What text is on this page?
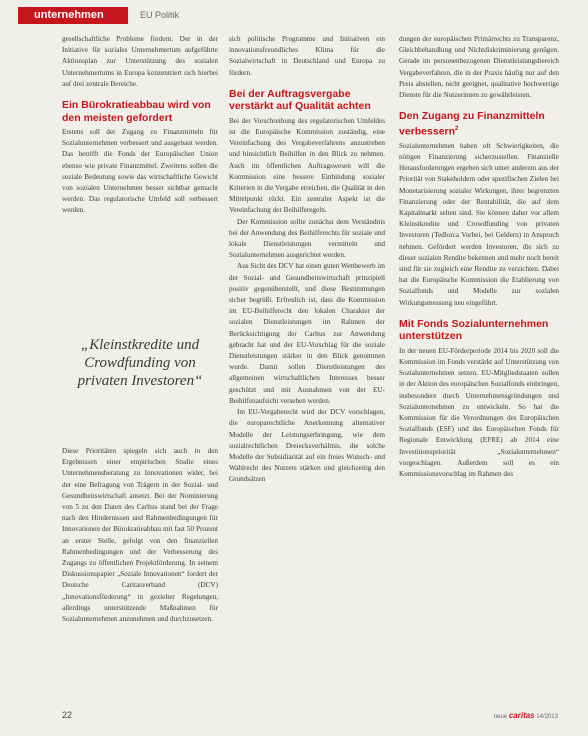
unternehmen	EU Politik

gesellschaftliche Probleme fördern. Der in der Initiative für soziales Unternehmertum aufgeführte Aktionsplan zur Unterstützung des sozialen Unternehmertums in Europa konzentriert sich hierbei auf drei zentrale Bereiche.

Ein Bürokratieabbau wird von den meisten gefordert

Erstens soll der Zugang zu Finanzmitteln für Sozialunternehmen verbessert und ausgebaut werden. Das betrifft die Fonds der Europäischen Union ebenso wie private Finanzmittel. Zweitens sollen die soziale Bedeutung sowie das wirtschaftliche Gewicht von sozialen Unternehmen besser sichtbar gemacht werden. Das regulatorische Umfeld soll verbessert werden.

„Kleinstkredite und Crowdfunding von privaten Investoren“

Diese Prioritäten spiegeln sich auch in den Ergebnissen einer empirischen Studie eines Unternehmensberatung zu Innovationen wider, bei der eine Befragung von Trägern in der Sozial- und Gesundheitswirtschaft ansetzt. Bei der Nominierung von 5 zu den Daten des Carltus stand bei der Frage nach den Hindernissen und Rahmenbedingungen für Innovationen der Bürokratieabbau mit fast 50 Prozent an erster Stelle, gefolgt von den finanziellen Rahmenbedingungen und der Verbesserung des Zugangs zu öffentlichen Projektförderung. In seinem Diskussionspapier „Soziale Innovationen“ fordert der Deutsche Caritasverband (DCV) „Innovationsförderung“ in gezielter Regelungen, allerdings unterstützende Maßnahmen für Sozialunternehmen anzunehmen und durchzusetzen.

sich politische Programme und Initiativen ein innovationsfreundliches Klima für die Sozialwirtschaft in Deutschland und Europa zu fördern.

Bei der Auftragsvergabe verstärkt auf Qualität achten

Bei der Vorschreibung des regulatorischen Umfeldes ist die Europäische Kommission zuständig, eine Vereinfachung des Vergabeverfahrens anzustreben und hinsichtlich Beihilfen in den Blick zu nehmen. Auch im öffentlichen Auftragswesen will die Kommission eine bessere Einbindung sozialer Kriterien in die Vergabe erreichen, die Qualität in den Mittelpunkt rückt. Ein zentraler Aspekt ist die Vereinfachung der Beihilferegeln.

Der Kommission sollte zunächst dem Verständnis bei der Anwendung des Beihilferechts für soziale und lokale Dienstleistungen vermitteln und Sozialunternehmen ausgerichtet werden.

Aus Sicht des DCV hat einen guten Wettbewerb im der Sozial- und Gesundheitswirtschaft prinzipiell positiv gegenüberstellt, und diese Bestimmungen sicher begrüßt. Erfreulich ist, dass die Kommission im EU-Beihilferecht den lokalen Charakter der sozialen Dienstleistungen im Rahmen der Berücksichtigung der Carltus zur Anwendung gebracht hat und der EU-Vorschlag für die soziale Dienstleistungen stärker in den Blick genommen wurde. Damit sollen Dienstleistungen des allgemeinen wirtschaftlichen Interesses besser geschützt und mit Ausnahmen von der EU-Beihilfenaufsicht versehen werden.

Im EU-Vergaberecht wird der DCV vorschlagen, die europarechtliche Anerkennung alternativer Modelle der Leistungserbringung, wie dem sozialrechtlichen Dreiecksverhältnis, die solche Modelle der Subsidiarität auf ein freies Wunsch- und Wahlrecht des Nutzers stärken und gleichzeitig den Grundsätzen

dungen der europäischen Primärrechts zu Transparenz, Gleichbehandlung und Nichtdiskriminierung genügen. Gerade im personenbezogenen Dienstleistungsbereich Vergabeverfahren, die in der Praxis häufig nur auf den Preis abstellen, nicht geeignet, qualitative hochwertige Dienste für die Nutzerinnen zu gewährleisten.

Den Zugang zu Finanzmitteln verbessern$^2$

Sozialunternehmen haben oft Schwierigkeiten, die nötigen Finanzierung sicherzustellen. Finanzielle Herausforderungen ergeben sich unter anderem aus der Priorität von Stakeholdern oder spezifischen Zielen bei Monetarisierung sozialer Wirkungen, ihrer begrenzten Finanzierung oder der Rentabilität, die auf dem Kapitalmarkt selten sind. Sie können daher vor allem Kleinstkredite und Crowdfunding von privaten Investoren (Tedlorca Vorbei, bei Geldern) in Anspruch nehmen. Gefördert werden Investoren, die sich zu dieser sozialen Rendite bekennen und mehr noch bereit sind für sie zugleich eine Rendite zu verzichten. Dabei hat die Europäische Kommission die Etablierung von Sozialfonds und Modelle zur sozialen Wirkungsmessung neu eingeführt.

Mit Fonds Sozialunternehmen unterstützen

In der neuen EU-Förderperiode 2014 bis 2020 soll die Kommission im Fonds verstärkt auf Unterstützung von Sozialunternehmen setzen. EU-Mitgliedstaaten sollen in der Aktion des europäischen Sozialfonds einbringen, insbesondere durch Unternehmensgründungen und Sozialunternehmen zu entwickeln. So hat die Kommission für die Verordnungen des Europäischen Sozialfonds (ESF) und des Europäischen Fonds für Regionale Entwicklung (EFRE) ab 2014 eine Investitionspriorität „Sozialunternehmen“ vorgeschlagen. Außerdem soll es ein Kommissionsvorschlag im Rahmen des

22	neue caritas 14/2013
